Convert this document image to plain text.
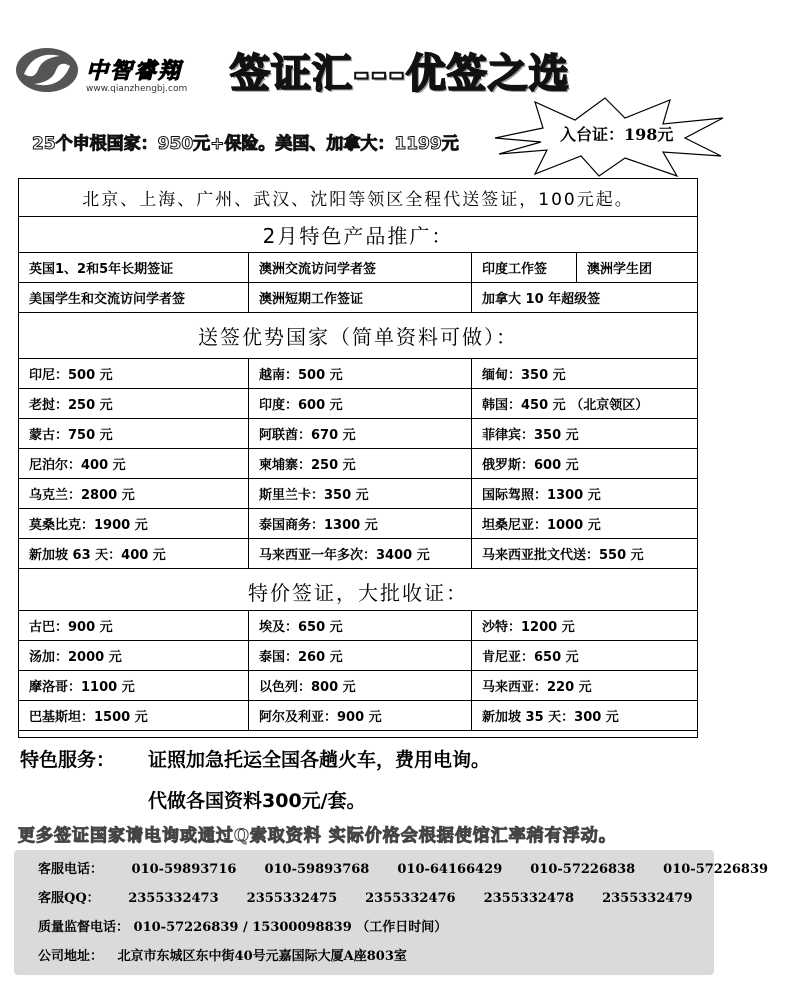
中智睿翔
www.qianzhengbj.com 签证汇---优签之选
25个申根国家：950元+保险。美国、加拿大：1199元	入台证：198元
北京、上海、广州、武汉、沈阳等领区全程代送签证，100元起。
2月特色产品推广：
英国1、2和5年长期签证	澳洲交流访问学者签	印度工作签	澳洲学生团
美国学生和交流访问学者签	澳洲短期工作签证	加拿大 10 年超级签
送签优势国家（简单资料可做）：
特价签证，大批收证：
印尼：500 元	越南：500 元	缅甸：350 元
老挝：250 元	印度：600 元	韩国：450 元 （北京领区）
蒙古：750 元	阿联酋：670 元	菲律宾：350 元
尼泊尔：400 元	柬埔寨：250 元	俄罗斯：600 元
乌克兰：2800 元	斯里兰卡：350 元	国际驾照：1300 元
莫桑比克：1900 元	泰国商务：1300 元	坦桑尼亚：1000 元
新加坡 63 天：400 元	马来西亚一年多次：3400 元	马来西亚批文代送：550 元
古巴：900 元	埃及：650 元	沙特：1200 元
汤加：2000 元	泰国：260 元	肯尼亚：650 元
摩洛哥：1100 元	以色列：800 元	马来西亚：220 元
巴基斯坦：1500 元	阿尔及利亚：900 元	新加坡 35 天：300 元
特色服务： 证照加急托运全国各趟火车，费用电询。
代做各国资料300元/套。
更多签证国家请电询或通过Q索取资料 实际价格会根据使馆汇率稍有浮动。
客服电话： 010-59893716 010-59893768 010-64166429 010-57226838 010-57226839
客服QQ： 2355332473 2355332475 2355332476 2355332478 2355332479
质量监督电话： 010-57226839 / 15300098839 （工作日时间）
公司地址： 北京市东城区东中街40号元嘉国际大厦A座803室
